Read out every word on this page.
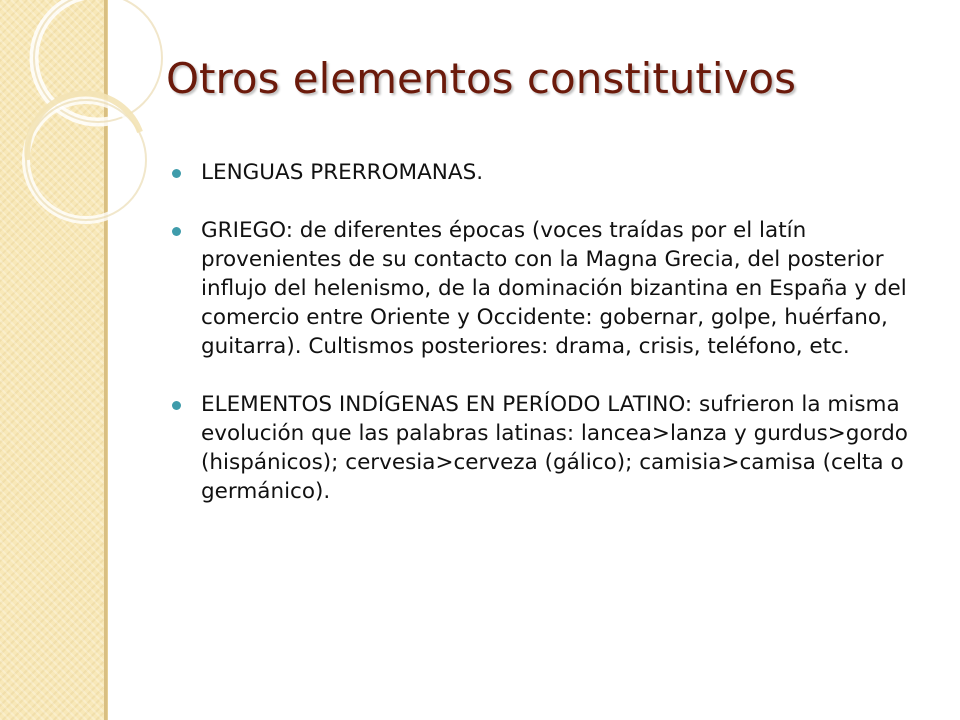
Otros elementos constitutivos
LENGUAS PRERROMANAS.
GRIEGO: de diferentes épocas (voces traídas por el latín provenientes de su contacto con la Magna Grecia, del posterior influjo del helenismo, de la dominación bizantina en España y del comercio entre Oriente y Occidente: gobernar, golpe, huérfano, guitarra). Cultismos posteriores: drama, crisis, teléfono, etc.
ELEMENTOS INDÍGENAS EN PERÍODO LATINO: sufrieron la misma evolución que las palabras latinas: lancea>lanza y gurdus>gordo (hispánicos); cervesia>cerveza (gálico); camisia>camisa (celta o germánico).
